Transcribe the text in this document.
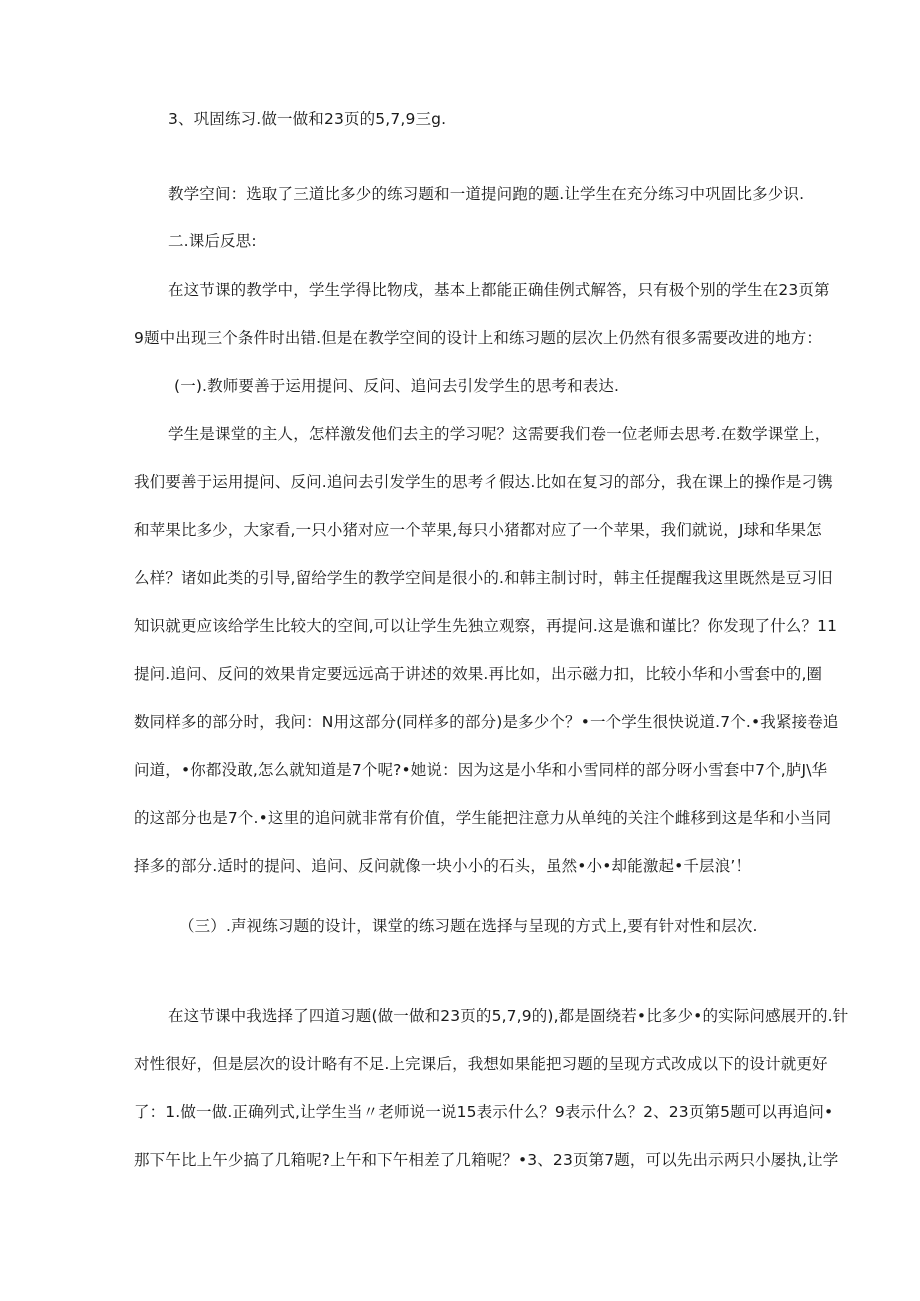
3、巩固练习.做一做和23页的5,7,9三g.
教学空间：选取了三道比多少的练习题和一道提问跑的题.让学生在充分练习中巩固比多少识.
二.课后反思:
在这节课的教学中，学生学得比物戌，基本上都能正确佳例式解答，只有极个别的学生在23页第
9题中出现三个条件时出错.但是在教学空间的设计上和练习题的层次上仍然有很多需要改进的地方：
(一).教师要善于运用提问、反问、追问去引发学生的思考和表达.
学生是课堂的主人，怎样激发他们去主的学习呢？这需要我们卷一位老师去思考.在数学课堂上，
我们要善于运用提问、反问.追问去引发学生的思考彳假达.比如在复习的部分，我在课上的操作是刁镌
和苹果比多少，大家看,一只小猪对应一个苹果,每只小猪都对应了一个苹果，我们就说，J球和华果怎
么样？诸如此类的引导,留给学生的教学空间是很小的.和韩主制讨时，韩主任提醒我这里既然是豆习旧
知识就更应该给学生比较大的空间,可以让学生先独立观察，再提问.这是谯和谨比？你发现了什么？11
提问.追问、反问的效果肯定要远远高于讲述的效果.再比如，出示磁力扣，比较小华和小雪套中的,圈
数同样多的部分时，我问：N用这部分(同样多的部分)是多少个？•一个学生很快说道.7个.•我紧接卷追
问道，•你都没敢,怎么就知道是7个呢?•她说：因为这是小华和小雪同样的部分呀小雪套中7个,胪J\华
的这部分也是7个.•这里的追问就非常有价值，学生能把注意力从单纯的关注个雌移到这是华和小当同
择多的部分.适时的提问、追问、反问就像一块小小的石头，虽然•小•却能激起•千层浪’！
（三）.声视练习题的设计，课堂的练习题在选择与呈现的方式上,要有针对性和层次.
在这节课中我选择了四道习题(做一做和23页的5,7,9的),都是圄绕若•比多少•的实际问感展开的.针
对性很好，但是层次的设计略有不足.上完课后，我想如果能把习题的呈现方式改成以下的设计就更好
了：1.做一做.正确列式,让学生当〃老师说一说15表示什么？9表示什么？2、23页第5题可以再追问•
那下午比上午少搞了几箱呢?上午和下午相差了几箱呢？•3、23页第7题，可以先出示两只小屡执,让学
